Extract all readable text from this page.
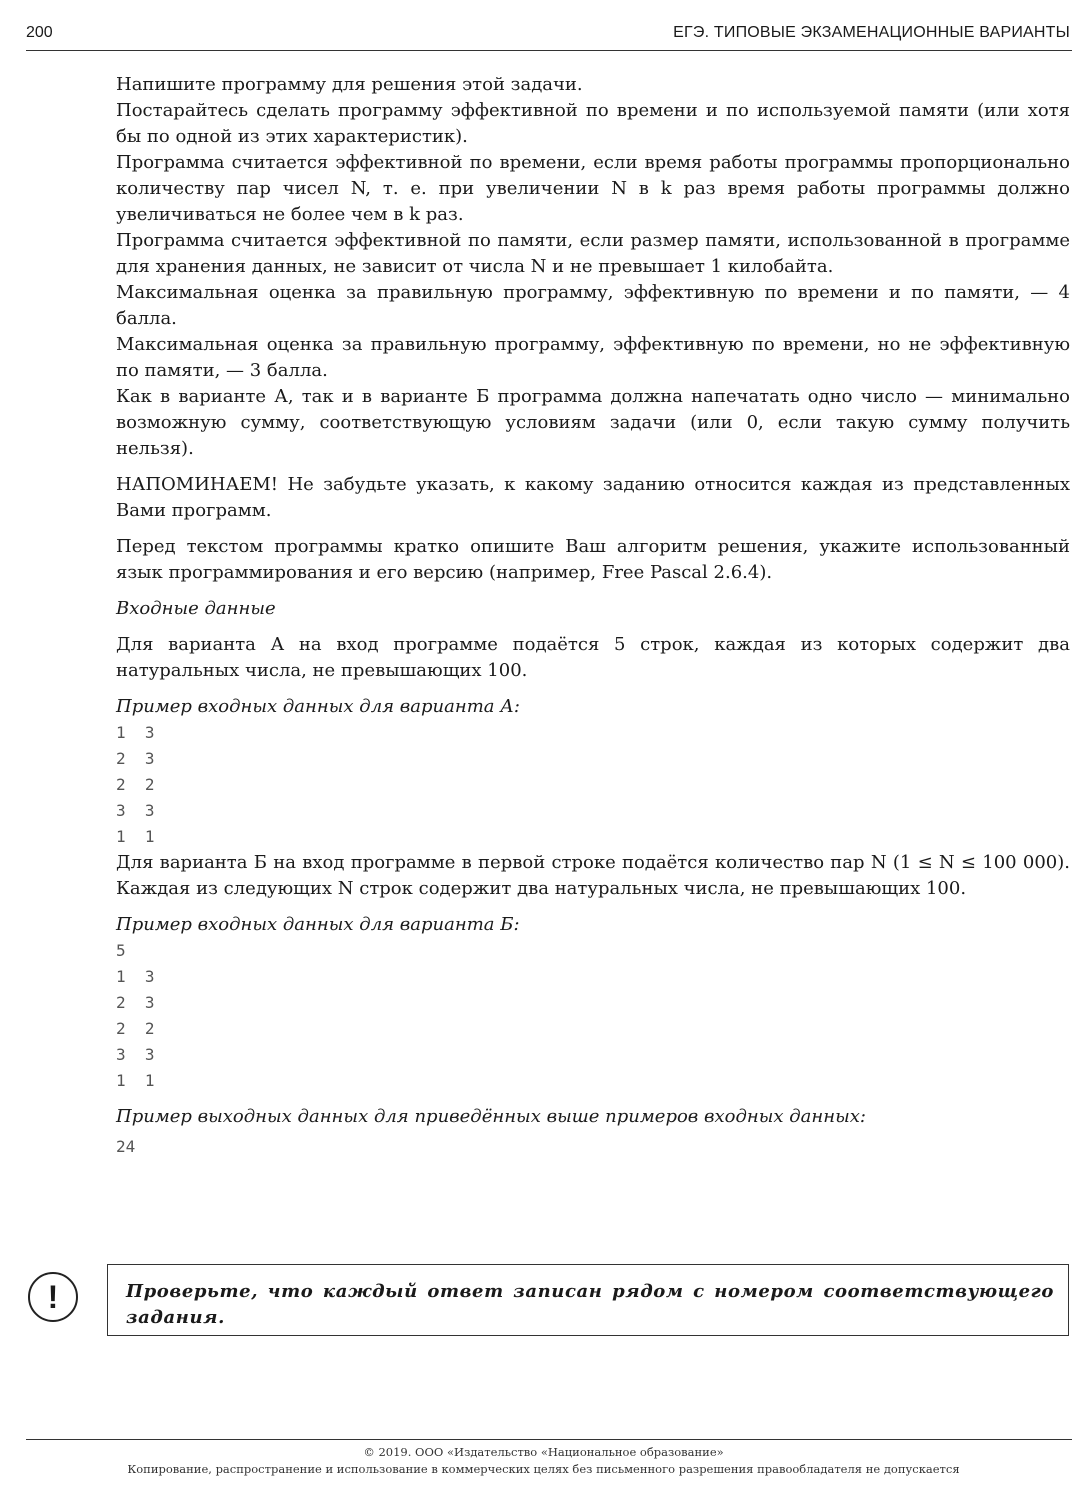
200	ЕГЭ. ТИПОВЫЕ ЭКЗАМЕНАЦИОННЫЕ ВАРИАНТЫ

Напишите программу для решения этой задачи.

Постарайтесь сделать программу эффективной по времени и по используемой памяти (или хотя бы по одной из этих характеристик).

Программа считается эффективной по времени, если время работы программы пропорционально количеству пар чисел N, т. е. при увеличении N в k раз время работы программы должно увеличиваться не более чем в k раз.

Программа считается эффективной по памяти, если размер памяти, использованной в программе для хранения данных, не зависит от числа N и не превышает 1 килобайта.

Максимальная оценка за правильную программу, эффективную по времени и по памяти, — 4 балла.

Максимальная оценка за правильную программу, эффективную по времени, но не эффективную по памяти, — 3 балла.

Как в варианте А, так и в варианте Б программа должна напечатать одно число — минимально возможную сумму, соответствующую условиям задачи (или 0, если такую сумму получить нельзя).

НАПОМИНАЕМ! Не забудьте указать, к какому заданию относится каждая из представленных Вами программ.

Перед текстом программы кратко опишите Ваш алгоритм решения, укажите использованный язык программирования и его версию (например, Free Pascal 2.6.4).

Входные данные

Для варианта А на вход программе подаётся 5 строк, каждая из которых содержит два натуральных числа, не превышающих 100.

Пример входных данных для варианта А:

1  3
2  3
2  2
3  3
1  1

Для варианта Б на вход программе в первой строке подаётся количество пар N (1 ≤ N ≤ 100 000). Каждая из следующих N строк содержит два натуральных числа, не превышающих 100.

Пример входных данных для варианта Б:

5
1  3
2  3
2  2
3  3
1  1

Пример выходных данных для приведённых выше примеров входных данных:

24
!	Проверьте, что каждый ответ записан рядом с номером соответствующего задания.
© 2019. ООО «Издательство «Национальное образование»
Копирование, распространение и использование в коммерческих целях без письменного разрешения правообладателя не допускается
